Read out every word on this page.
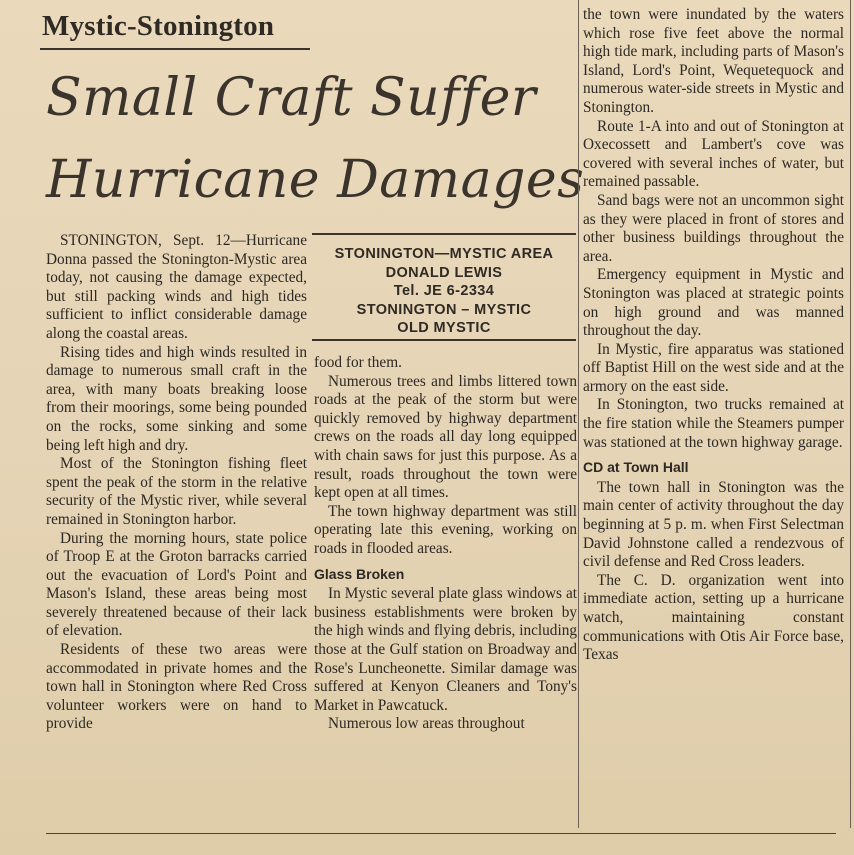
Mystic-Stonington
Small Craft Suffer
Hurricane Damages
STONINGTON—MYSTIC AREA
DONALD LEWIS
Tel. JE 6-2334
STONINGTON – MYSTIC
OLD MYSTIC

STONINGTON, Sept. 12—Hurricane Donna passed the Stonington-Mystic area today, not causing the damage expected, but still packing winds and high tides sufficient to inflict considerable damage along the coastal areas.

Rising tides and high winds resulted in damage to numerous small craft in the area, with many boats breaking loose from their moorings, some being pounded on the rocks, some sinking and some being left high and dry.

Most of the Stonington fishing fleet spent the peak of the storm in the relative security of the Mystic river, while several remained in Stonington harbor.

During the morning hours, state police of Troop E at the Groton barracks carried out the evacuation of Lord's Point and Mason's Island, these areas being most severely threatened because of their lack of elevation.

Residents of these two areas were accommodated in private homes and the town hall in Stonington where Red Cross volunteer workers were on hand to provide

food for them.

Numerous trees and limbs littered town roads at the peak of the storm but were quickly removed by highway department crews on the roads all day long equipped with chain saws for just this purpose. As a result, roads throughout the town were kept open at all times.

The town highway department was still operating late this evening, working on roads in flooded areas.

Glass Broken

In Mystic several plate glass windows at business establishments were broken by the high winds and flying debris, including those at the Gulf station on Broadway and Rose's Luncheonette. Similar damage was suffered at Kenyon Cleaners and Tony's Market in Pawcatuck.

Numerous low areas throughout

the town were inundated by the waters which rose five feet above the normal high tide mark, including parts of Mason's Island, Lord's Point, Wequetequock and numerous water-side streets in Mystic and Stonington.

Route 1-A into and out of Stonington at Oxecossett and Lambert's cove was covered with several inches of water, but remained passable.

Sand bags were not an uncommon sight as they were placed in front of stores and other business buildings throughout the area.

Emergency equipment in Mystic and Stonington was placed at strategic points on high ground and was manned throughout the day.

In Mystic, fire apparatus was stationed off Baptist Hill on the west side and at the armory on the east side.

In Stonington, two trucks remained at the fire station while the Steamers pumper was stationed at the town highway garage.

CD at Town Hall

The town hall in Stonington was the main center of activity throughout the day beginning at 5 p. m. when First Selectman David Johnstone called a rendezvous of civil defense and Red Cross leaders.

The C. D. organization went into immediate action, setting up a hurricane watch, maintaining constant communications with Otis Air Force base, Texas
